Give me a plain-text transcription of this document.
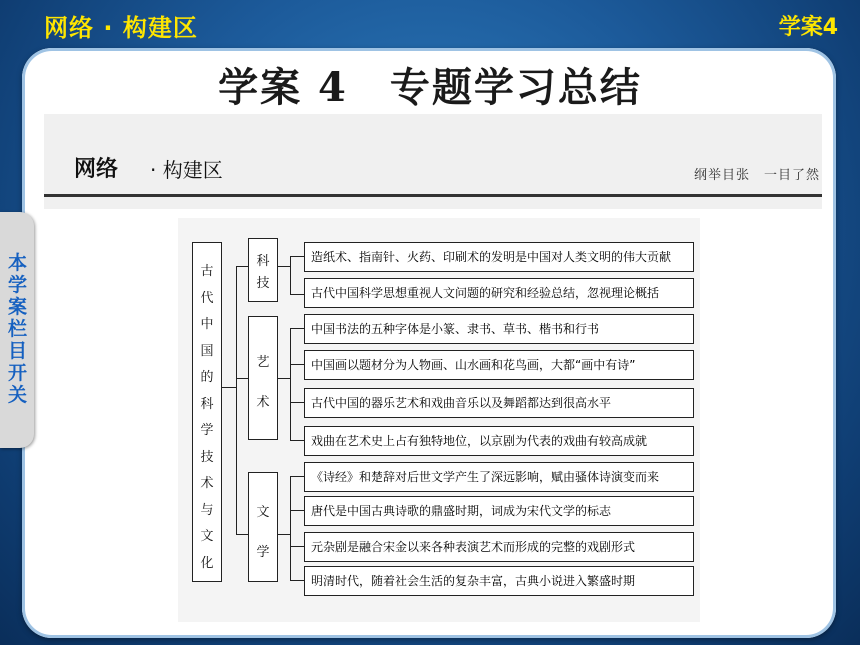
网络 · 构建区	学案4
学案 4　专题学习总结
网络 · 构建区	纲举目张　一目了然
本学案栏目开关
古代中国的科学技术与文化
科技
造纸术、指南针、火药、印刷术的发明是中国对人类文明的伟大贡献
古代中国科学思想重视人文问题的研究和经验总结，忽视理论概括
艺术
中国书法的五种字体是小篆、隶书、草书、楷书和行书
中国画以题材分为人物画、山水画和花鸟画，大都“画中有诗”
古代中国的器乐艺术和戏曲音乐以及舞蹈都达到很高水平
戏曲在艺术史上占有独特地位，以京剧为代表的戏曲有较高成就
文学
《诗经》和楚辞对后世文学产生了深远影响，赋由骚体诗演变而来
唐代是中国古典诗歌的鼎盛时期，词成为宋代文学的标志
元杂剧是融合宋金以来各种表演艺术而形成的完整的戏剧形式
明清时代，随着社会生活的复杂丰富，古典小说进入繁盛时期
